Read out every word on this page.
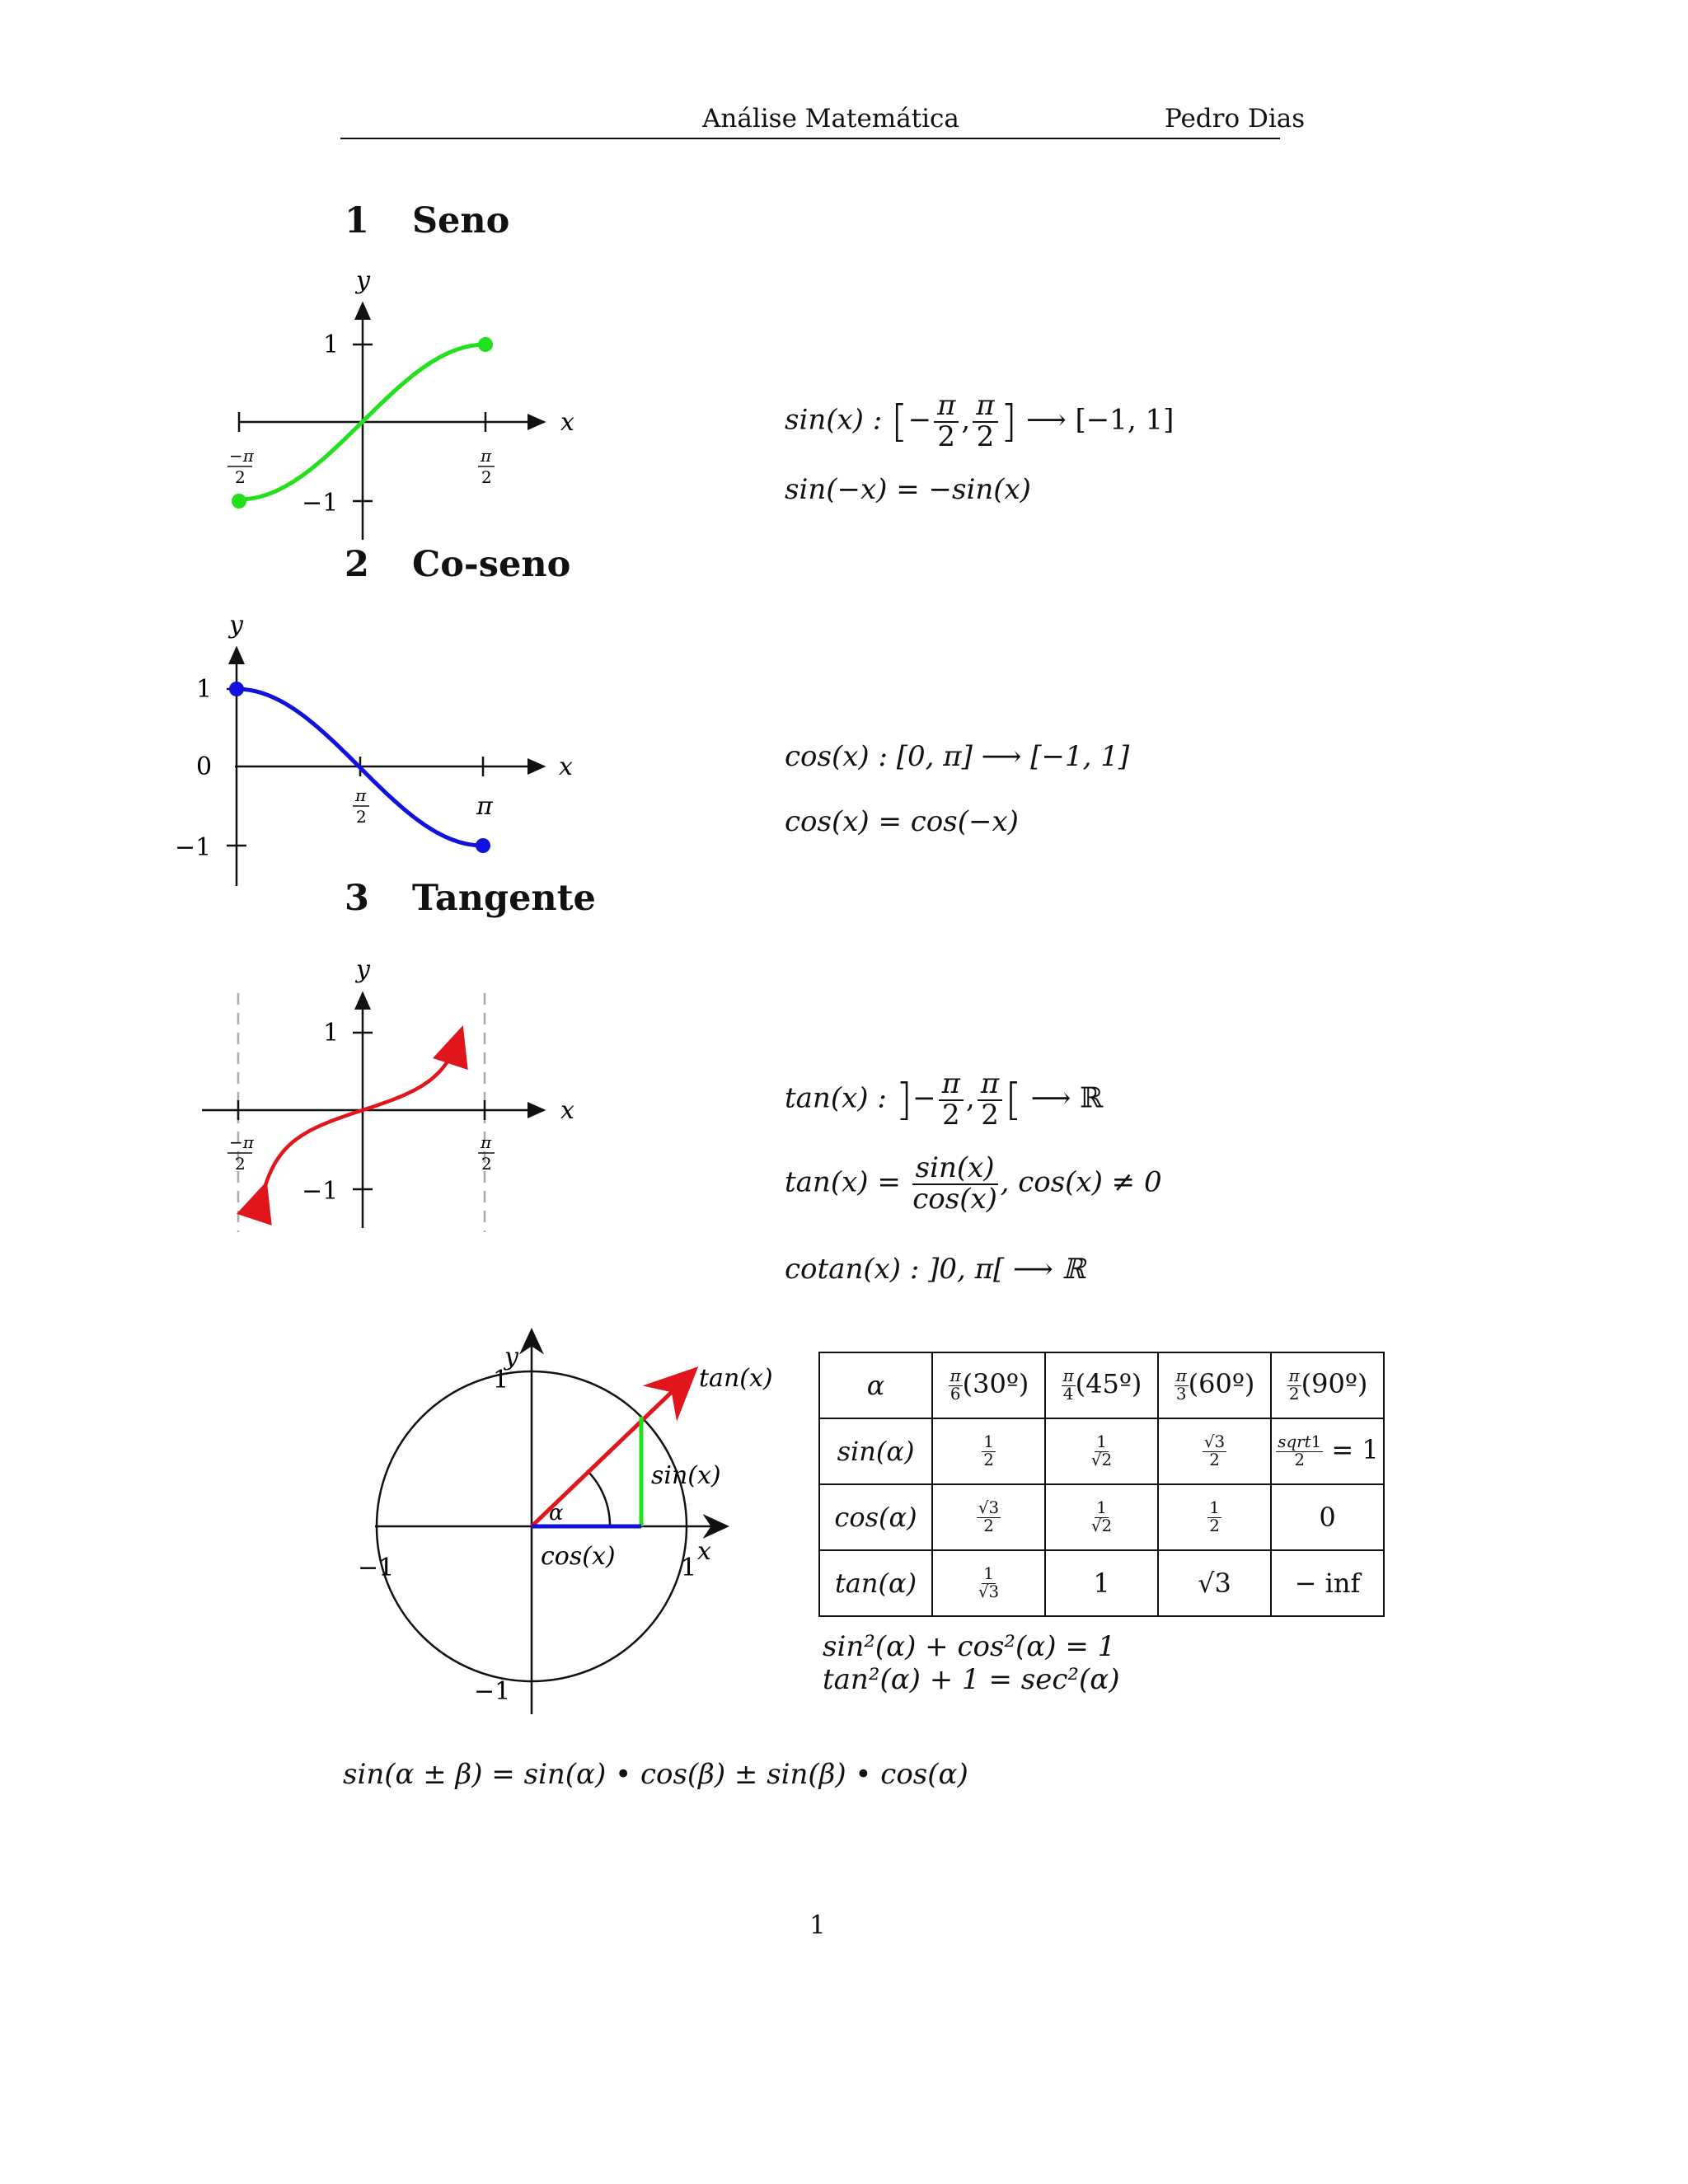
Análise Matemática	Pedro Dias
1 Seno
2 Co-seno
3 Tangente
y
x
1
−1
−π
2
π
2
y
x
1
0
−1
π
2	π
y
x
1
−1
−π
2
π
2
sin(x) : [− $\frac{\pi}{2}$ , $\frac{\pi}{2}$ ] ⟶ [−1, 1]
sin(−x) = −sin(x)
cos(x) : [0, π] ⟶ [−1, 1]
cos(x) = cos(−x)
tan(x) : ]− $\frac{\pi}{2}$ , $\frac{\pi}{2}$ [ ⟶ ℝ
$\tan(x) = \frac{\sin(x)}{\cos(x)}$ , cos(x) ≠ 0
cotan(x) : ]0, π[ ⟶ ℝ
y
1
x
−1	1
−1
tan(x)
sin(x)
cos(x)
α
α	$\frac{\pi}{6}$ (30º)	$\frac{\pi}{4}$ (45º)	$\frac{\pi}{3}$ (60º)	$\frac{\pi}{2}$ (90º)
sin(α)	$\frac{1}{2}$	$\frac{1}{√2}$	$\frac{√3}{2}$	sqrt1
2 = 1
cos(α)	$\frac{√3}{2}$	$\frac{1}{√2}$	$\frac{1}{2}$	0
tan(α)	$\frac{1}{√3}$	1	√3	− inf
sin²(α) + cos²(α) = 1
tan²(α) + 1 = sec²(α)
sin(α ± β) = sin(α) • cos(β) ± sin(β) • cos(α)
1
